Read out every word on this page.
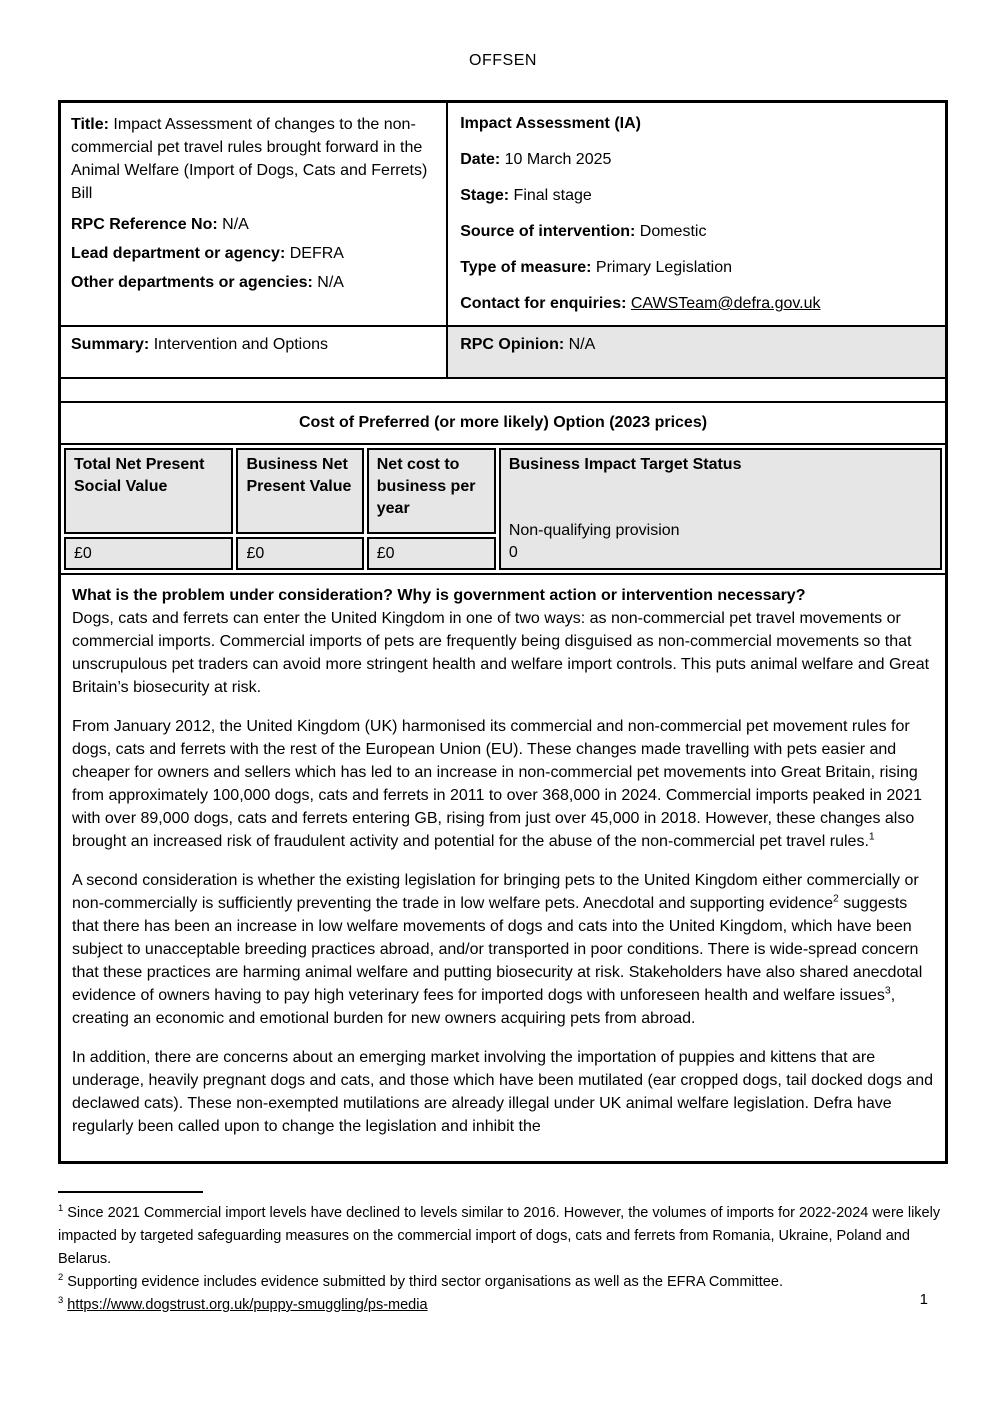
OFFSEN

Title: Impact Assessment of changes to the non-commercial pet travel rules brought forward in the Animal Welfare (Import of Dogs, Cats and Ferrets) Bill

RPC Reference No: N/A
Lead department or agency: DEFRA
Other departments or agencies: N/A
Impact Assessment (IA)
Date: 10 March 2025
Stage: Final stage
Source of intervention: Domestic
Type of measure: Primary Legislation
Contact for enquiries: CAWSTeam@defra.gov.uk
Summary: Intervention and Options	RPC Opinion: N/A
Cost of Preferred (or more likely) Option (2023 prices)
Total Net Present Social Value
£0
Business Net Present Value
£0
Net cost to business per year
£0
Business Impact Target Status
Non-qualifying provision
0
What is the problem under consideration? Why is government action or intervention necessary?

Dogs, cats and ferrets can enter the United Kingdom in one of two ways: as non-commercial pet travel movements or commercial imports. Commercial imports of pets are frequently being disguised as non-commercial movements so that unscrupulous pet traders can avoid more stringent health and welfare import controls. This puts animal welfare and Great Britain’s biosecurity at risk.

From January 2012, the United Kingdom (UK) harmonised its commercial and non-commercial pet movement rules for dogs, cats and ferrets with the rest of the European Union (EU). These changes made travelling with pets easier and cheaper for owners and sellers which has led to an increase in non-commercial pet movements into Great Britain, rising from approximately 100,000 dogs, cats and ferrets in 2011 to over 368,000 in 2024. Commercial imports peaked in 2021 with over 89,000 dogs, cats and ferrets entering GB, rising from just over 45,000 in 2018. However, these changes also brought an increased risk of fraudulent activity and potential for the abuse of the non-commercial pet travel rules.$^1$

A second consideration is whether the existing legislation for bringing pets to the United Kingdom either commercially or non-commercially is sufficiently preventing the trade in low welfare pets. Anecdotal and supporting evidence$^2$ suggests that there has been an increase in low welfare movements of dogs and cats into the United Kingdom, which have been subject to unacceptable breeding practices abroad, and/or transported in poor conditions. There is wide-spread concern that these practices are harming animal welfare and putting biosecurity at risk. Stakeholders have also shared anecdotal evidence of owners having to pay high veterinary fees for imported dogs with unforeseen health and welfare issues$^3$, creating an economic and emotional burden for new owners acquiring pets from abroad.

In addition, there are concerns about an emerging market involving the importation of puppies and kittens that are underage, heavily pregnant dogs and cats, and those which have been mutilated (ear cropped dogs, tail docked dogs and declawed cats). These non-exempted mutilations are already illegal under UK animal welfare legislation. Defra have regularly been called upon to change the legislation and inhibit the

$^1$ Since 2021 Commercial import levels have declined to levels similar to 2016. However, the volumes of imports for 2022-2024 were likely impacted by targeted safeguarding measures on the commercial import of dogs, cats and ferrets from Romania, Ukraine, Poland and Belarus.

$^2$ Supporting evidence includes evidence submitted by third sector organisations as well as the EFRA Committee.

$^3$ https://www.dogstrust.org.uk/puppy-smuggling/ps-media	1
